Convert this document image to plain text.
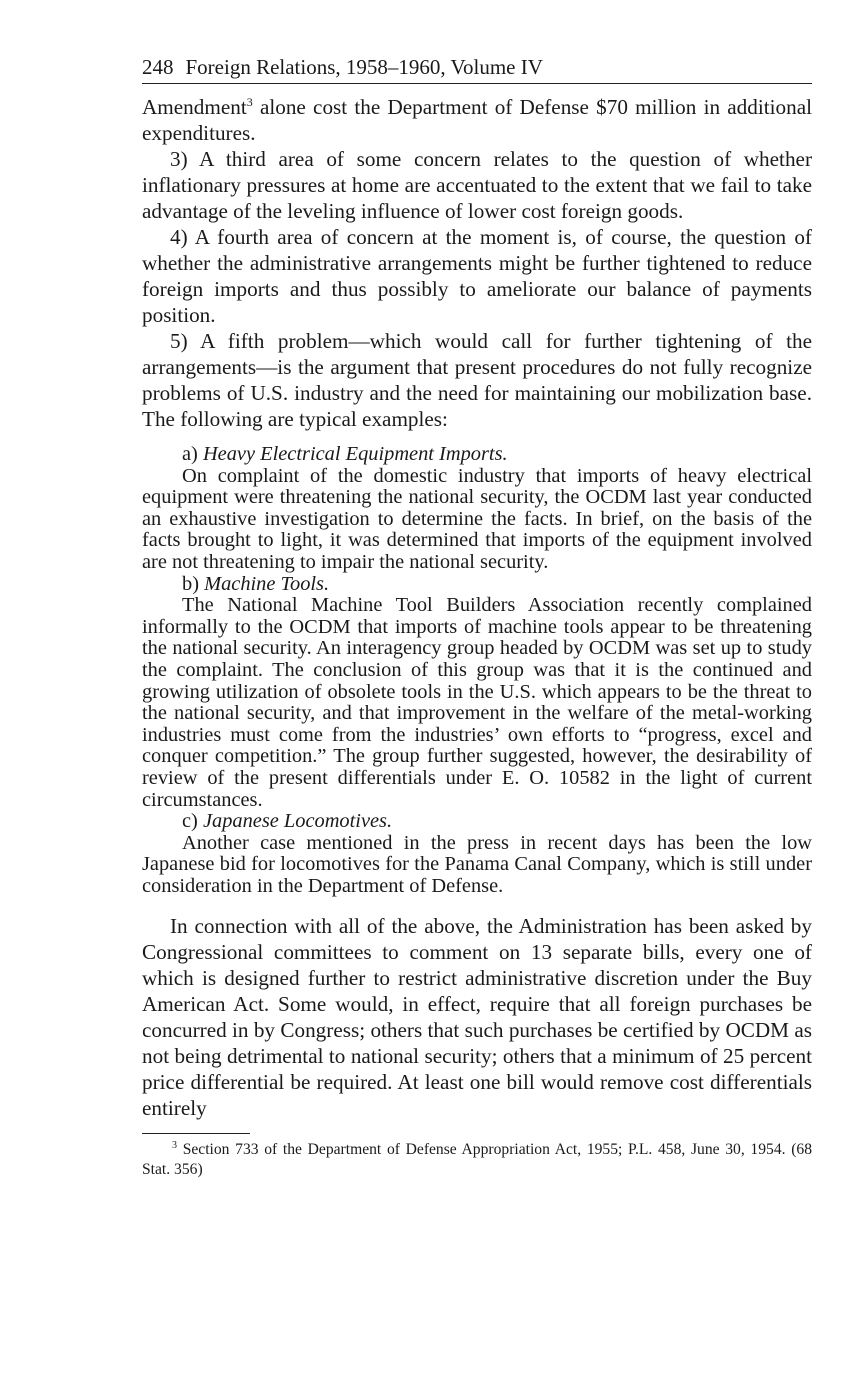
248 Foreign Relations, 1958–1960, Volume IV

Amendment$^3$ alone cost the Department of Defense $70 million in additional expenditures.

3) A third area of some concern relates to the question of whether inflationary pressures at home are accentuated to the extent that we fail to take advantage of the leveling influence of lower cost foreign goods.

4) A fourth area of concern at the moment is, of course, the question of whether the administrative arrangements might be further tightened to reduce foreign imports and thus possibly to ameliorate our balance of payments position.

5) A fifth problem—which would call for further tightening of the arrangements—is the argument that present procedures do not fully recognize problems of U.S. industry and the need for maintaining our mobilization base. The following are typical examples:

a) Heavy Electrical Equipment Imports.

On complaint of the domestic industry that imports of heavy electrical equipment were threatening the national security, the OCDM last year conducted an exhaustive investigation to determine the facts. In brief, on the basis of the facts brought to light, it was determined that imports of the equipment involved are not threatening to impair the national security.

b) Machine Tools.

The National Machine Tool Builders Association recently complained informally to the OCDM that imports of machine tools appear to be threatening the national security. An interagency group headed by OCDM was set up to study the complaint. The conclusion of this group was that it is the continued and growing utilization of obsolete tools in the U.S. which appears to be the threat to the national security, and that improvement in the welfare of the metal-working industries must come from the industries’ own efforts to “progress, excel and conquer competition.” The group further suggested, however, the desirability of review of the present differentials under E. O. 10582 in the light of current circumstances.

c) Japanese Locomotives.

Another case mentioned in the press in recent days has been the low Japanese bid for locomotives for the Panama Canal Company, which is still under consideration in the Department of Defense.

In connection with all of the above, the Administration has been asked by Congressional committees to comment on 13 separate bills, every one of which is designed further to restrict administrative discretion under the Buy American Act. Some would, in effect, require that all foreign purchases be concurred in by Congress; others that such purchases be certified by OCDM as not being detrimental to national security; others that a minimum of 25 percent price differential be required. At least one bill would remove cost differentials entirely

$^3$ Section 733 of the Department of Defense Appropriation Act, 1955; P.L. 458, June 30, 1954. (68 Stat. 356)
